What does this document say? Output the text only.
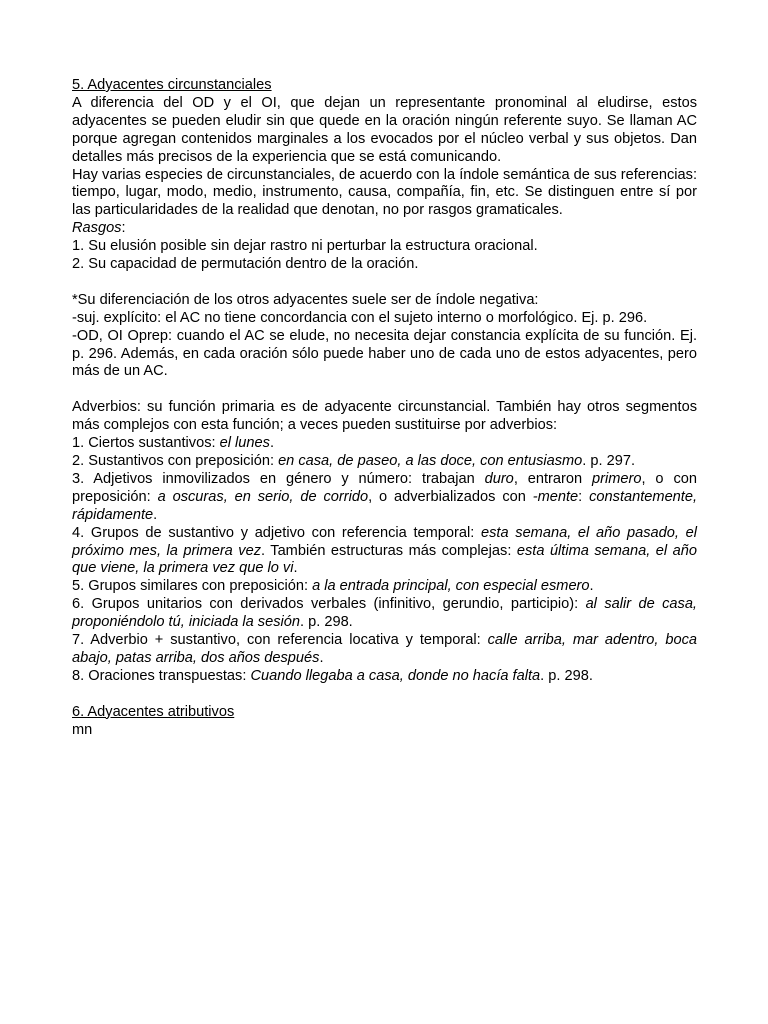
5. Adyacentes circunstanciales

A diferencia del OD y el OI, que dejan un representante pronominal al eludirse, estos adyacentes se pueden eludir sin que quede en la oración ningún referente suyo. Se llaman AC porque agregan contenidos marginales a los evocados por el núcleo verbal y sus objetos. Dan detalles más precisos de la experiencia que se está comunicando.

Hay varias especies de circunstanciales, de acuerdo con la índole semántica de sus referencias: tiempo, lugar, modo, medio, instrumento, causa, compañía, fin, etc. Se distinguen entre sí por las particularidades de la realidad que denotan, no por rasgos gramaticales.

Rasgos:

1. Su elusión posible sin dejar rastro ni perturbar la estructura oracional.

2. Su capacidad de permutación dentro de la oración.

*Su diferenciación de los otros adyacentes suele ser de índole negativa:

-suj. explícito: el AC no tiene concordancia con el sujeto interno o morfológico. Ej. p. 296.

-OD, OI Oprep: cuando el AC se elude, no necesita dejar constancia explícita de su función. Ej. p. 296. Además, en cada oración sólo puede haber uno de cada uno de estos adyacentes, pero más de un AC.

Adverbios: su función primaria es de adyacente circunstancial. También hay otros segmentos más complejos con esta función; a veces pueden sustituirse por adverbios:

1. Ciertos sustantivos: el lunes.

2. Sustantivos con preposición: en casa, de paseo, a las doce, con entusiasmo. p. 297.

3. Adjetivos inmovilizados en género y número: trabajan duro, entraron primero, o con preposición: a oscuras, en serio, de corrido, o adverbializados con -mente: constantemente, rápidamente.

4. Grupos de sustantivo y adjetivo con referencia temporal: esta semana, el año pasado, el próximo mes, la primera vez. También estructuras más complejas: esta última semana, el año que viene, la primera vez que lo vi.

5. Grupos similares con preposición: a la entrada principal, con especial esmero.

6. Grupos unitarios con derivados verbales (infinitivo, gerundio, participio): al salir de casa, proponiéndolo tú, iniciada la sesión. p. 298.

7. Adverbio + sustantivo, con referencia locativa y temporal: calle arriba, mar adentro, boca abajo, patas arriba, dos años después.

8. Oraciones transpuestas: Cuando llegaba a casa, donde no hacía falta. p. 298.

6. Adyacentes atributivos

mn
